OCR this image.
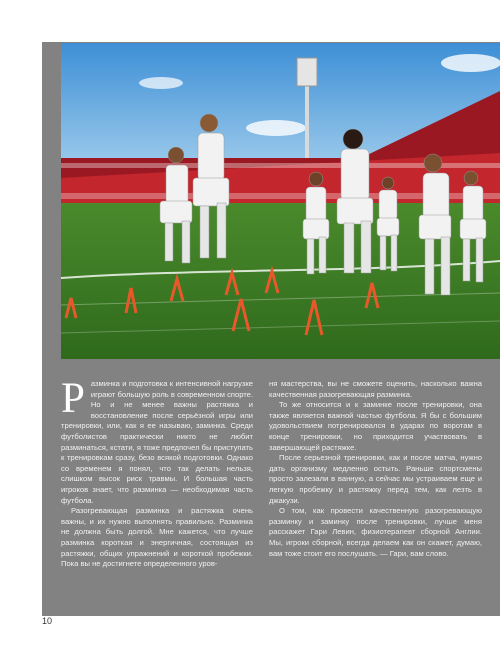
Р азминка и подготовка к интенсивной нагрузке играют большую роль в современном спорте. Но и не менее важны растяжка и восстановление после серьёзной игры или тренировки, или, как я ее называю, заминка. Среди футболистов практически никто не любит разминаться, кстати, я тоже предпочел бы приступать к тренировкам сразу, безо всякой подготовки. Однако со временем я понял, что так делать нельзя, слишком высок риск травмы. И большая часть игроков знает, что разминка — необходимая часть футбола.

Разогревающая разминка и растяжка очень важны, и их нужно выполнять правильно. Разминка не должна быть долгой. Мне кажется, что лучше разминка короткая и энергичная, состоящая из растяжки, общих упражнений и короткой пробежки. Пока вы не достигнете определенного уров-

ня мастерства, вы не сможете оценить, насколько важна качественная разогревающая разминка.

То же относится и к заминке после тренировки, она также является важной частью футбола. Я бы с большим удовольствием потренировался в ударах по воротам в конце тренировки, но приходится участвовать в завершающей растяжке.

После серьезной тренировки, как и после матча, нужно дать организму медленно остыть. Раньше спортсмены просто залезали в ванную, а сейчас мы устраиваем еще и легкую пробежку и растяжку перед тем, как лезть в джакузи.

О том, как провести качественную разогревающую разминку и заминку после тренировки, лучше меня расскажет Гари Левин, физиотерапевт сборной Англии. Мы, игроки сборной, всегда делаем как он скажет, думаю, вам тоже стоит его послушать. — Гари, вам слово.

10
